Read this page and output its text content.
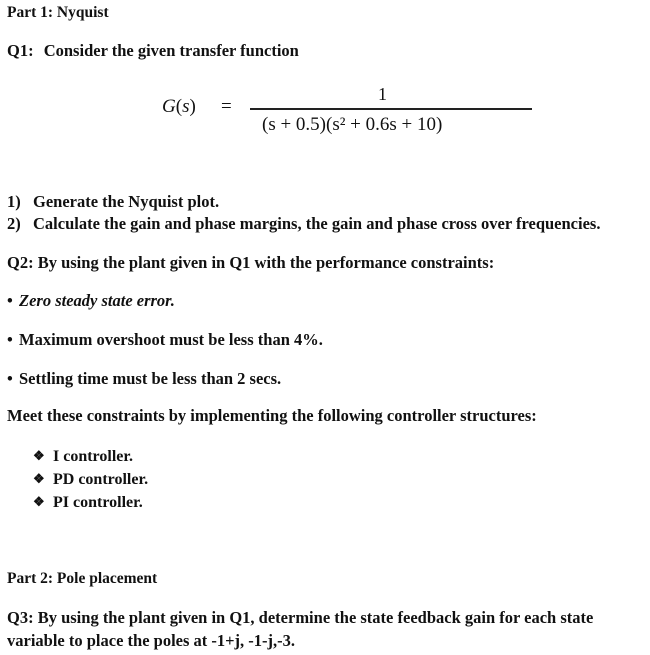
Part 1: Nyquist
Q1: Consider the given transfer function
G(s) =
1
(s + 0.5)(s² + 0.6s + 10)
1) Generate the Nyquist plot.
2) Calculate the gain and phase margins, the gain and phase cross over frequencies.
Q2: By using the plant given in Q1 with the performance constraints:
• Zero steady state error.
• Maximum overshoot must be less than 4%.
• Settling time must be less than 2 secs.
Meet these constraints by implementing the following controller structures:
❖ I controller.
❖ PD controller.
❖ PI controller.
Part 2: Pole placement
Q3: By using the plant given in Q1, determine the state feedback gain for each state
variable to place the poles at -1+j, -1-j,-3.
